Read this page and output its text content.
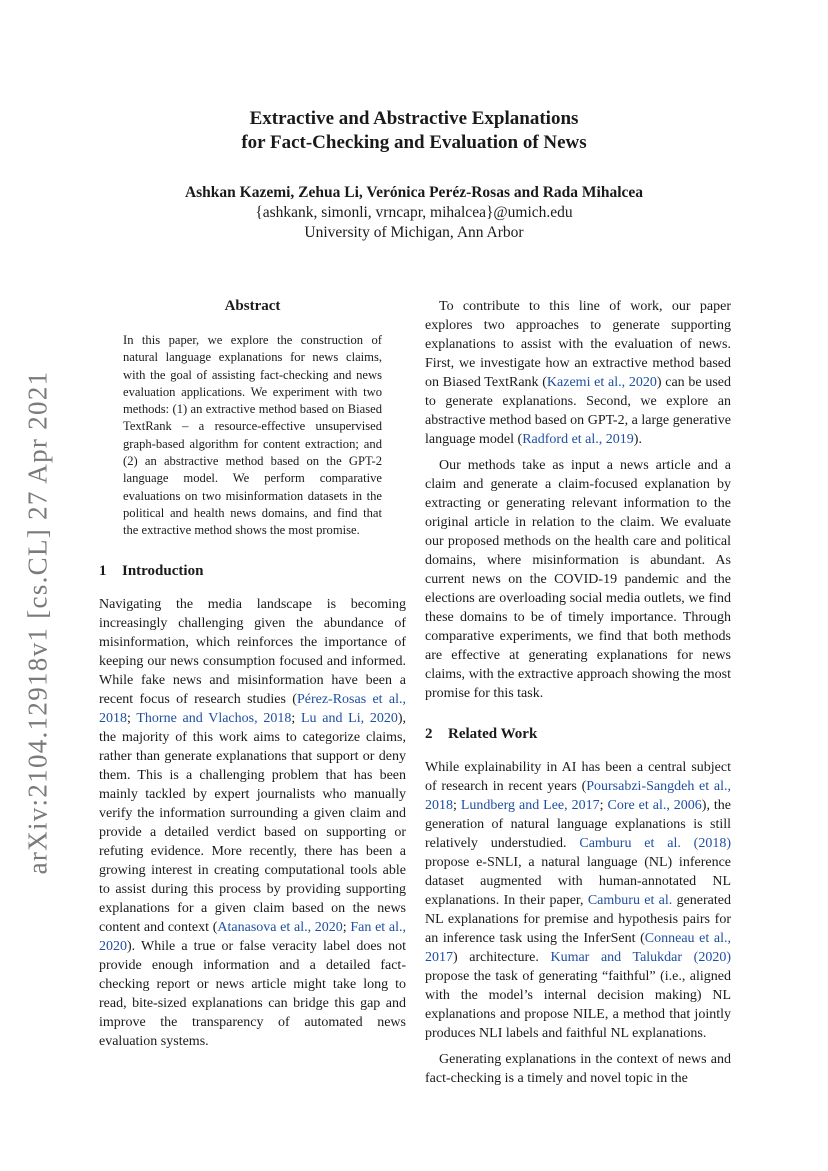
arXiv:2104.12918v1 [cs.CL] 27 Apr 2021
Extractive and Abstractive Explanations
for Fact-Checking and Evaluation of News
Ashkan Kazemi, Zehua Li, Verónica Peréz-Rosas and Rada Mihalcea
{ashkank, simonli, vrncapr, mihalcea}@umich.edu
University of Michigan, Ann Arbor
Abstract

In this paper, we explore the construction of natural language explanations for news claims, with the goal of assisting fact-checking and news evaluation applications. We experiment with two methods: (1) an extractive method based on Biased TextRank – a resource-effective unsupervised graph-based algorithm for content extraction; and (2) an abstractive method based on the GPT-2 language model. We perform comparative evaluations on two misinformation datasets in the political and health news domains, and find that the extractive method shows the most promise.

1 Introduction

Navigating the media landscape is becoming increasingly challenging given the abundance of misinformation, which reinforces the importance of keeping our news consumption focused and informed. While fake news and misinformation have been a recent focus of research studies (Pérez-Rosas et al., 2018; Thorne and Vlachos, 2018; Lu and Li, 2020), the majority of this work aims to categorize claims, rather than generate explanations that support or deny them. This is a challenging problem that has been mainly tackled by expert journalists who manually verify the information surrounding a given claim and provide a detailed verdict based on supporting or refuting evidence. More recently, there has been a growing interest in creating computational tools able to assist during this process by providing supporting explanations for a given claim based on the news content and context (Atanasova et al., 2020; Fan et al., 2020). While a true or false veracity label does not provide enough information and a detailed fact-checking report or news article might take long to read, bite-sized explanations can bridge this gap and improve the transparency of automated news evaluation systems.

To contribute to this line of work, our paper explores two approaches to generate supporting explanations to assist with the evaluation of news. First, we investigate how an extractive method based on Biased TextRank (Kazemi et al., 2020) can be used to generate explanations. Second, we explore an abstractive method based on GPT-2, a large generative language model (Radford et al., 2019).

Our methods take as input a news article and a claim and generate a claim-focused explanation by extracting or generating relevant information to the original article in relation to the claim. We evaluate our proposed methods on the health care and political domains, where misinformation is abundant. As current news on the COVID-19 pandemic and the elections are overloading social media outlets, we find these domains to be of timely importance. Through comparative experiments, we find that both methods are effective at generating explanations for news claims, with the extractive approach showing the most promise for this task.

2 Related Work

While explainability in AI has been a central subject of research in recent years (Poursabzi-Sangdeh et al., 2018; Lundberg and Lee, 2017; Core et al., 2006), the generation of natural language explanations is still relatively understudied. Camburu et al. (2018) propose e-SNLI, a natural language (NL) inference dataset augmented with human-annotated NL explanations. In their paper, Camburu et al. generated NL explanations for premise and hypothesis pairs for an inference task using the InferSent (Conneau et al., 2017) architecture. Kumar and Talukdar (2020) propose the task of generating “faithful” (i.e., aligned with the model’s internal decision making) NL explanations and propose NILE, a method that jointly produces NLI labels and faithful NL explanations.

Generating explanations in the context of news and fact-checking is a timely and novel topic in the
